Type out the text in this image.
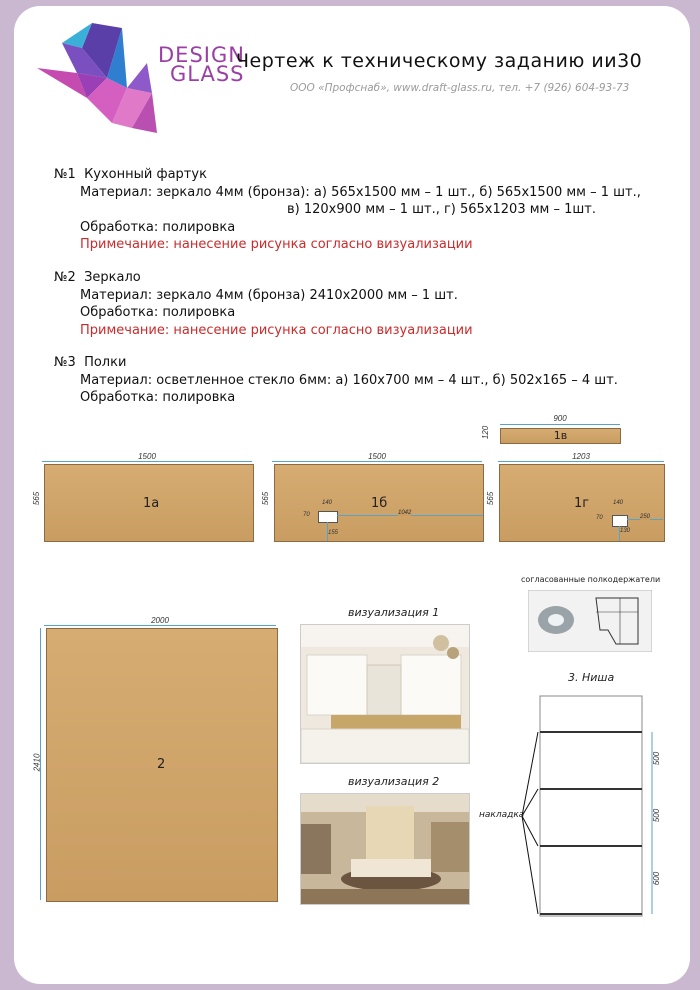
DESIGN
GLASS
Чертеж к техническому заданию ии30
ООО «Профснаб», www.draft-glass.ru, тел. +7 (926) 604-93-73
№1 Кухонный фартук
Материал: зеркало 4мм (бронза): а) 565х1500 мм – 1 шт., б) 565х1500 мм – 1 шт.,
в) 120х900 мм – 1 шт., г) 565х1203 мм – 1шт.
Обработка: полировка
Примечание: нанесение рисунка согласно визуализации
№2 Зеркало
Материал: зеркало 4мм (бронза) 2410х2000 мм – 1 шт.
Обработка: полировка
Примечание: нанесение рисунка согласно визуализации
№3 Полки
Материал: осветленное стекло 6мм: а) 160х700 мм – 4 шт., б) 502х165 – 4 шт.
Обработка: полировка
900
120	1в
1500
565	1а
1500
565	1б
140
70
155
1042
1203
565	1г	140
70	250
130
2000
2410	2
визуализация 1
визуализация 2
согласованные полкодержатели
3. Ниша
500
500
600
накладка
